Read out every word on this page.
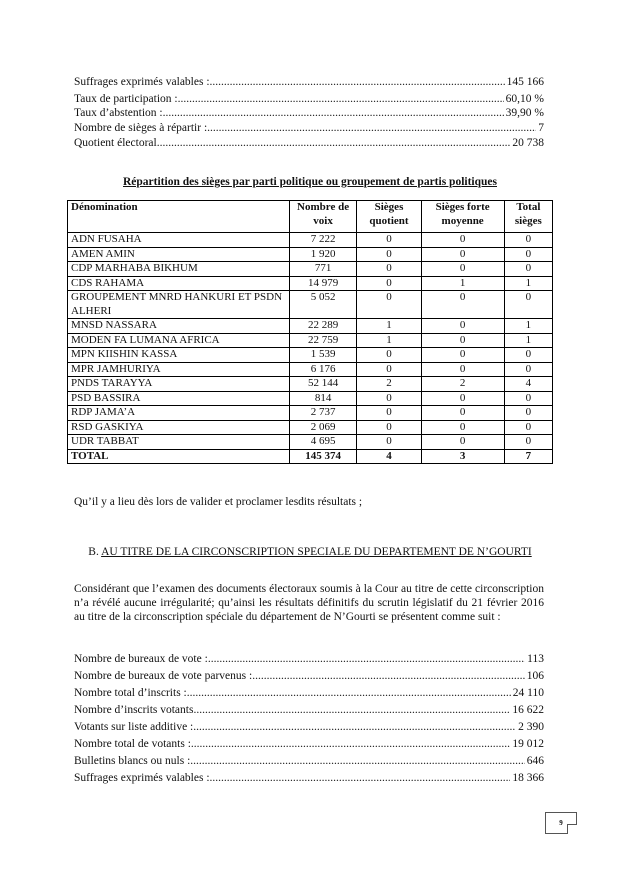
Suffrages exprimés valables : .....	145 166
Taux de participation : .....	60,10 %
Taux d’abstention : .....	39,90 %
Nombre de sièges à répartir : .....	7
Quotient électoral .....	20 738
Répartition des sièges par parti politique ou groupement de partis politiques
Dénomination	Nombre de voix	Sièges quotient	Sièges forte moyenne	Total sièges
ADN FUSAHA	7 222	0	0	0
AMEN AMIN	1 920	0	0	0
CDP MARHABA BIKHUM	771	0	0	0
CDS RAHAMA	14 979	0	1	1
GROUPEMENT MNRD HANKURI ET PSDN ALHERI	5 052	0	0	0
MNSD NASSARA	22 289	1	0	1
MODEN FA LUMANA AFRICA	22 759	1	0	1
MPN KIISHIN KASSA	1 539	0	0	0
MPR JAMHURIYA	6 176	0	0	0
PNDS TARAYYA	52 144	2	2	4
PSD BASSIRA	814	0	0	0
RDP JAMA’A	2 737	0	0	0
RSD GASKIYA	2 069	0	0	0
UDR TABBAT	4 695	0	0	0
TOTAL	145 374	4	3	7
Qu’il y a lieu dès lors de valider et proclamer lesdits résultats ;
B. AU TITRE DE LA CIRCONSCRIPTION SPECIALE DU DEPARTEMENT DE N’GOURTI
Considérant que l’examen des documents électoraux soumis à la Cour au titre de cette circonscription n’a révélé aucune irrégularité; qu’ainsi les résultats définitifs du scrutin législatif du 21 février 2016 au titre de la circonscription spéciale du département de N’Gourti se présentent comme suit :
Nombre de bureaux de vote : .....	113
Nombre de bureaux de vote parvenus : .....	106
Nombre total d’inscrits : .....	24 110
Nombre d’inscrits votants .....	16 622
Votants sur liste additive : .....	2 390
Nombre total de votants : .....	19 012
Bulletins blancs ou nuls : .....	646
Suffrages exprimés valables : .....	18 366
9
